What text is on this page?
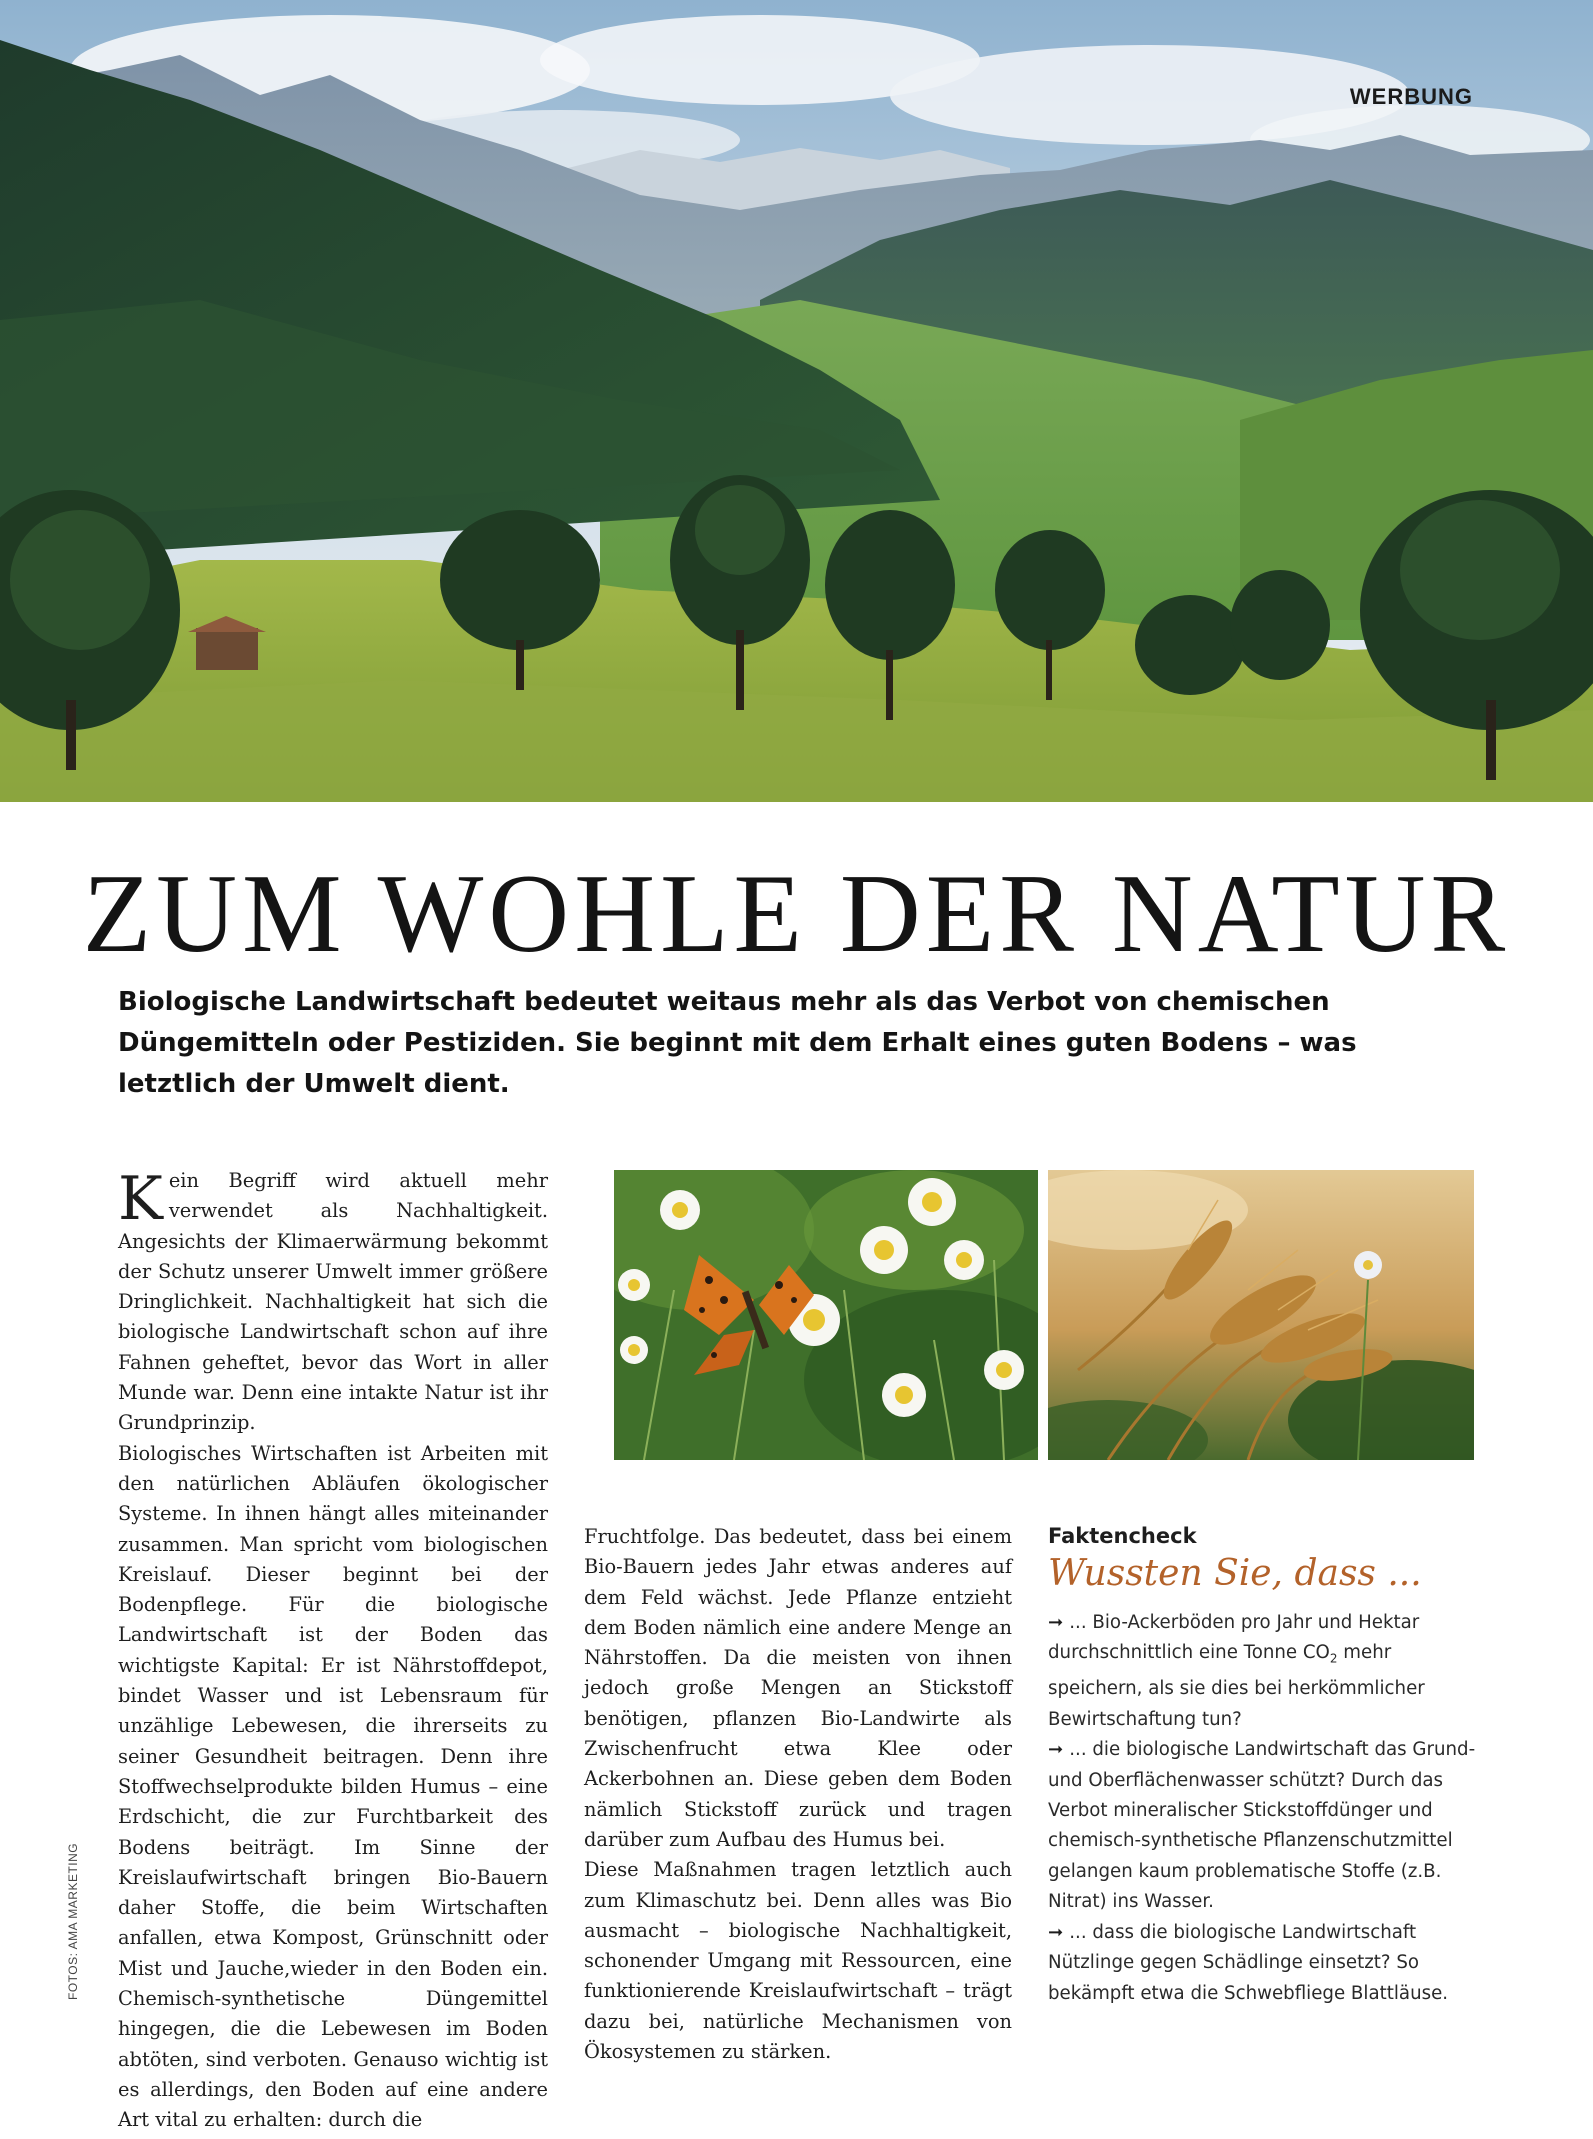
WERBUNG
ZUM WOHLE DER NATUR

Biologische Landwirtschaft bedeutet weitaus mehr als das Verbot von chemischen Düngemitteln oder Pestiziden. Sie beginnt mit dem Erhalt eines guten Bodens – was letztlich der Umwelt dient.

Kein Begriff wird aktuell mehr verwendet als Nachhaltigkeit. Angesichts der Klimaerwärmung bekommt der Schutz unserer Umwelt immer größere Dringlichkeit. Nachhaltigkeit hat sich die biologische Landwirtschaft schon auf ihre Fahnen geheftet, bevor das Wort in aller Munde war. Denn eine intakte Natur ist ihr Grundprinzip.

Biologisches Wirtschaften ist Arbeiten mit den natürlichen Abläufen ökologischer Systeme. In ihnen hängt alles miteinander zusammen. Man spricht vom biologischen Kreislauf. Dieser beginnt bei der Bodenpflege. Für die biologische Landwirtschaft ist der Boden das wichtigste Kapital: Er ist Nährstoffdepot, bindet Wasser und ist Lebensraum für unzählige Lebewesen, die ihrerseits zu seiner Gesundheit beitragen. Denn ihre Stoffwechselprodukte bilden Humus – eine Erdschicht, die zur Furchtbarkeit des Bodens beiträgt. Im Sinne der Kreislaufwirtschaft bringen Bio-Bauern daher Stoffe, die beim Wirtschaften anfallen, etwa Kompost, Grünschnitt oder Mist und Jauche,wieder in den Boden ein. Chemisch-synthetische Düngemittel hingegen, die die Lebewesen im Boden abtöten, sind verboten. Genauso wichtig ist es allerdings, den Boden auf eine andere Art vital zu erhalten: durch die

Fruchtfolge. Das bedeutet, dass bei einem Bio-Bauern jedes Jahr etwas anderes auf dem Feld wächst. Jede Pflanze entzieht dem Boden nämlich eine andere Menge an Nährstoffen. Da die meisten von ihnen jedoch große Mengen an Stickstoff benötigen, pflanzen Bio-Landwirte als Zwischenfrucht etwa Klee oder Ackerbohnen an. Diese geben dem Boden nämlich Stickstoff zurück und tragen darüber zum Aufbau des Humus bei.

Diese Maßnahmen tragen letztlich auch zum Klimaschutz bei. Denn alles was Bio ausmacht – biologische Nachhaltigkeit, schonender Umgang mit Ressourcen, eine funktionierende Kreislaufwirtschaft – trägt dazu bei, natürliche Mechanismen von Ökosystemen zu stärken.

Faktencheck

Wussten Sie, dass ...

➞ ... Bio-Ackerböden pro Jahr und Hektar durchschnittlich eine Tonne $CO_2$ mehr speichern, als sie dies bei herkömmlicher Bewirtschaftung tun?

➞ ... die biologische Landwirtschaft das Grund- und Oberflächenwasser schützt? Durch das Verbot mineralischer Stickstoffdünger und chemisch-synthetische Pflanzenschutzmittel gelangen kaum problematische Stoffe (z.B. Nitrat) ins Wasser.

➞ ... dass die biologische Landwirtschaft Nützlinge gegen Schädlinge einsetzt? So bekämpft etwa die Schwebfliege Blattläuse.

FOTOS: AMA MARKETING
